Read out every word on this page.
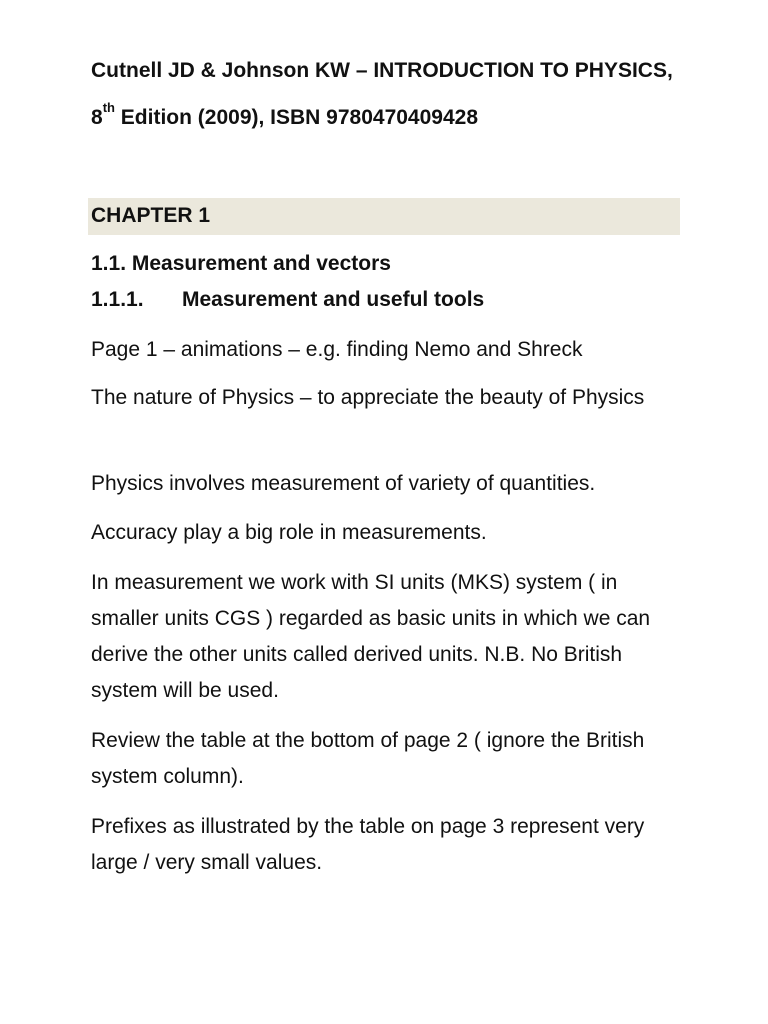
Cutnell JD & Johnson KW – INTRODUCTION TO PHYSICS,
8th Edition (2009), ISBN 9780470409428
CHAPTER 1
1.1. Measurement and vectors
1.1.1. Measurement and useful tools
Page 1 – animations – e.g. finding Nemo and Shreck
The nature of Physics – to appreciate the beauty of Physics
Physics involves measurement of variety of quantities.
Accuracy play a big role in measurements.
In measurement we work with SI units (MKS) system ( in smaller units CGS ) regarded as basic units in which we can derive the other units called derived units. N.B. No British system will be used.
Review the table at the bottom of page 2 ( ignore the British system column).
Prefixes as illustrated by the table on page 3 represent very large / very small values.
